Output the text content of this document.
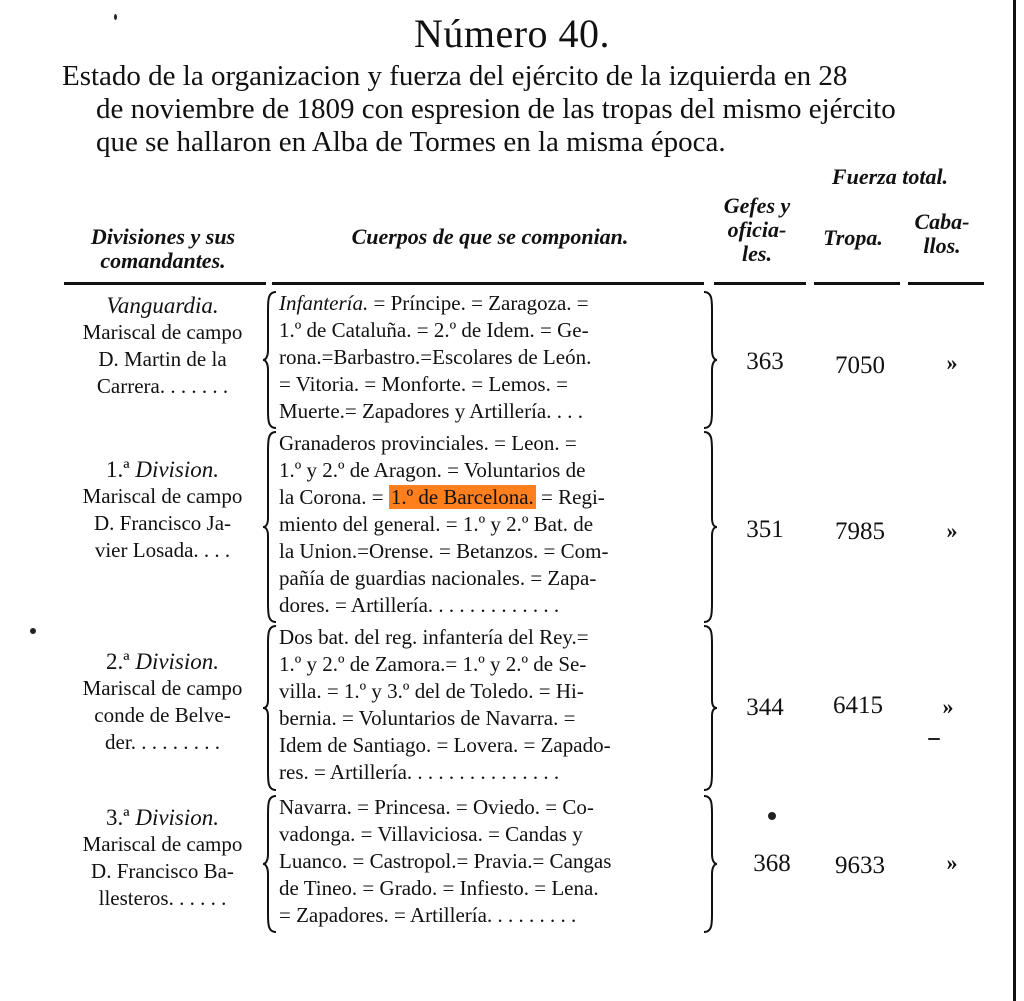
Número 40.
Estado de la organizacion y fuerza del ejército de la izquierda en 28
de noviembre de 1809 con espresion de las tropas del mismo ejército
que se hallaron en Alba de Tormes en la misma época.
Fuerza total.
Divisiones y sus
comandantes.
Cuerpos de que se componian.
Gefes y
oficia-
les.
Tropa.
Caba-
llos.
Vanguardia.
Mariscal de campo
D. Martin de la
Carrera. . . . . . .
Infantería. = Príncipe. = Zaragoza. =
1.º de Cataluña. = 2.º de Idem. = Ge-
rona.=Barbastro.=Escolares de León.
= Vitoria. = Monforte. = Lemos. =
Muerte.= Zapadores y Artillería. . . .
363	7050	»
1.ª Division.
Mariscal de campo
D. Francisco Ja-
vier Losada. . . .
Granaderos provinciales. = Leon. =
1.º y 2.º de Aragon. = Voluntarios de
la Corona. = 1.º de Barcelona. = Regi-
miento del general. = 1.º y 2.º Bat. de
la Union.=Orense. = Betanzos. = Com-
pañía de guardias nacionales. = Zapa-
dores. = Artillería. . . . . . . . . . . . .
351	7985	»
2.ª Division.
Mariscal de campo
conde de Belve-
der. . . . . . . . .
Dos bat. del reg. infantería del Rey.=
1.º y 2.º de Zamora.= 1.º y 2.º de Se-
villa. = 1.º y 3.º del de Toledo. = Hi-
bernia. = Voluntarios de Navarra. =
Idem de Santiago. = Lovera. = Zapado-
res. = Artillería. . . . . . . . . . . . . . .
344	6415	»
3.ª Division.
Mariscal de campo
D. Francisco Ba-
llesteros. . . . . .
Navarra. = Princesa. = Oviedo. = Co-
vadonga. = Villaviciosa. = Candas y
Luanco. = Castropol.= Pravia.= Cangas
de Tineo. = Grado. = Infiesto. = Lena.
= Zapadores. = Artillería. . . . . . . . .
368	9633	»
